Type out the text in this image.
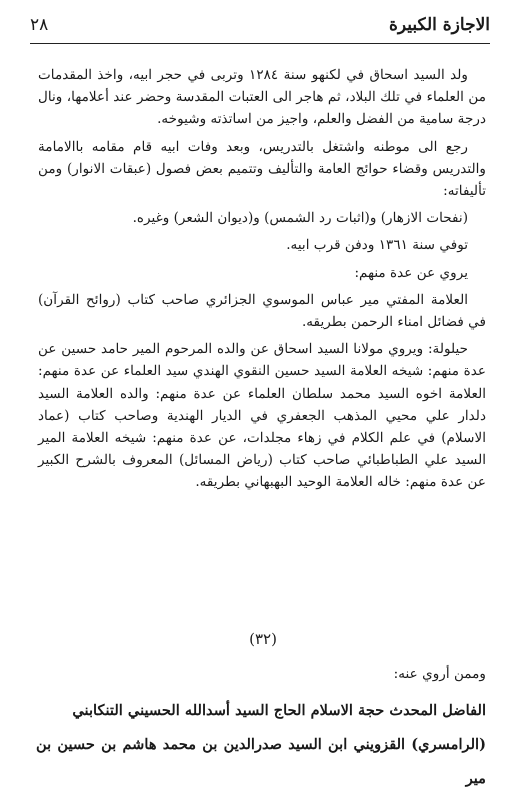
الاجازة الكبيرة
٢٨

ولد السيد اسحاق في لكنهو سنة ١٢٨٤ وتربى في حجر ابيه، واخذ المقدمات من العلماء في تلك البلاد، ثم هاجر الى العتبات المقدسة وحضر عند أعلامها، ونال درجة سامية من الفضل والعلم، واجيز من اساتذته وشيوخه.

رجع الى موطنه واشتغل بالتدريس، وبعد وفات ابيه قام مقامه باالامامة والتدريس وقضاء حوائج العامة والتأليف وتتميم بعض فصول (عبقات الانوار) ومن تأليفاته:

(نفحات الازهار) و(اثبات رد الشمس) و(ديوان الشعر) وغيره.

توفي سنة ١٣٦١ ودفن قرب ابيه.

يروي عن عدة منهم:

العلامة المفتي مير عباس الموسوي الجزائري صاحب كتاب (روائح القرآن) في فضائل امناء الرحمن بطريقه.

حيلولة: ويروي مولانا السيد اسحاق عن والده المرحوم المير حامد حسين عن عدة منهم: شيخه العلامة السيد حسين النقوي الهندي سيد العلماء عن عدة منهم: العلامة اخوه السيد محمد سلطان العلماء عن عدة منهم: والده العلامة السيد دلدار علي محيي المذهب الجعفري في الديار الهندية وصاحب كتاب (عماد الاسلام) في علم الكلام في زهاء مجلدات، عن عدة منهم: شيخه العلامة المير السيد علي الطباطبائي صاحب كتاب (رياض المسائل) المعروف بالشرح الكبير عن عدة منهم: خاله العلامة الوحيد البهبهاني بطريقه.

(٣٢)
وممن أروي عنه:

الفاضل المحدث حجة الاسلام الحاج السيد أسدالله الحسيني التنكابني

(الرامسري) القزويني ابن السيد صدرالدين بن محمد هاشم بن حسين بن مير
